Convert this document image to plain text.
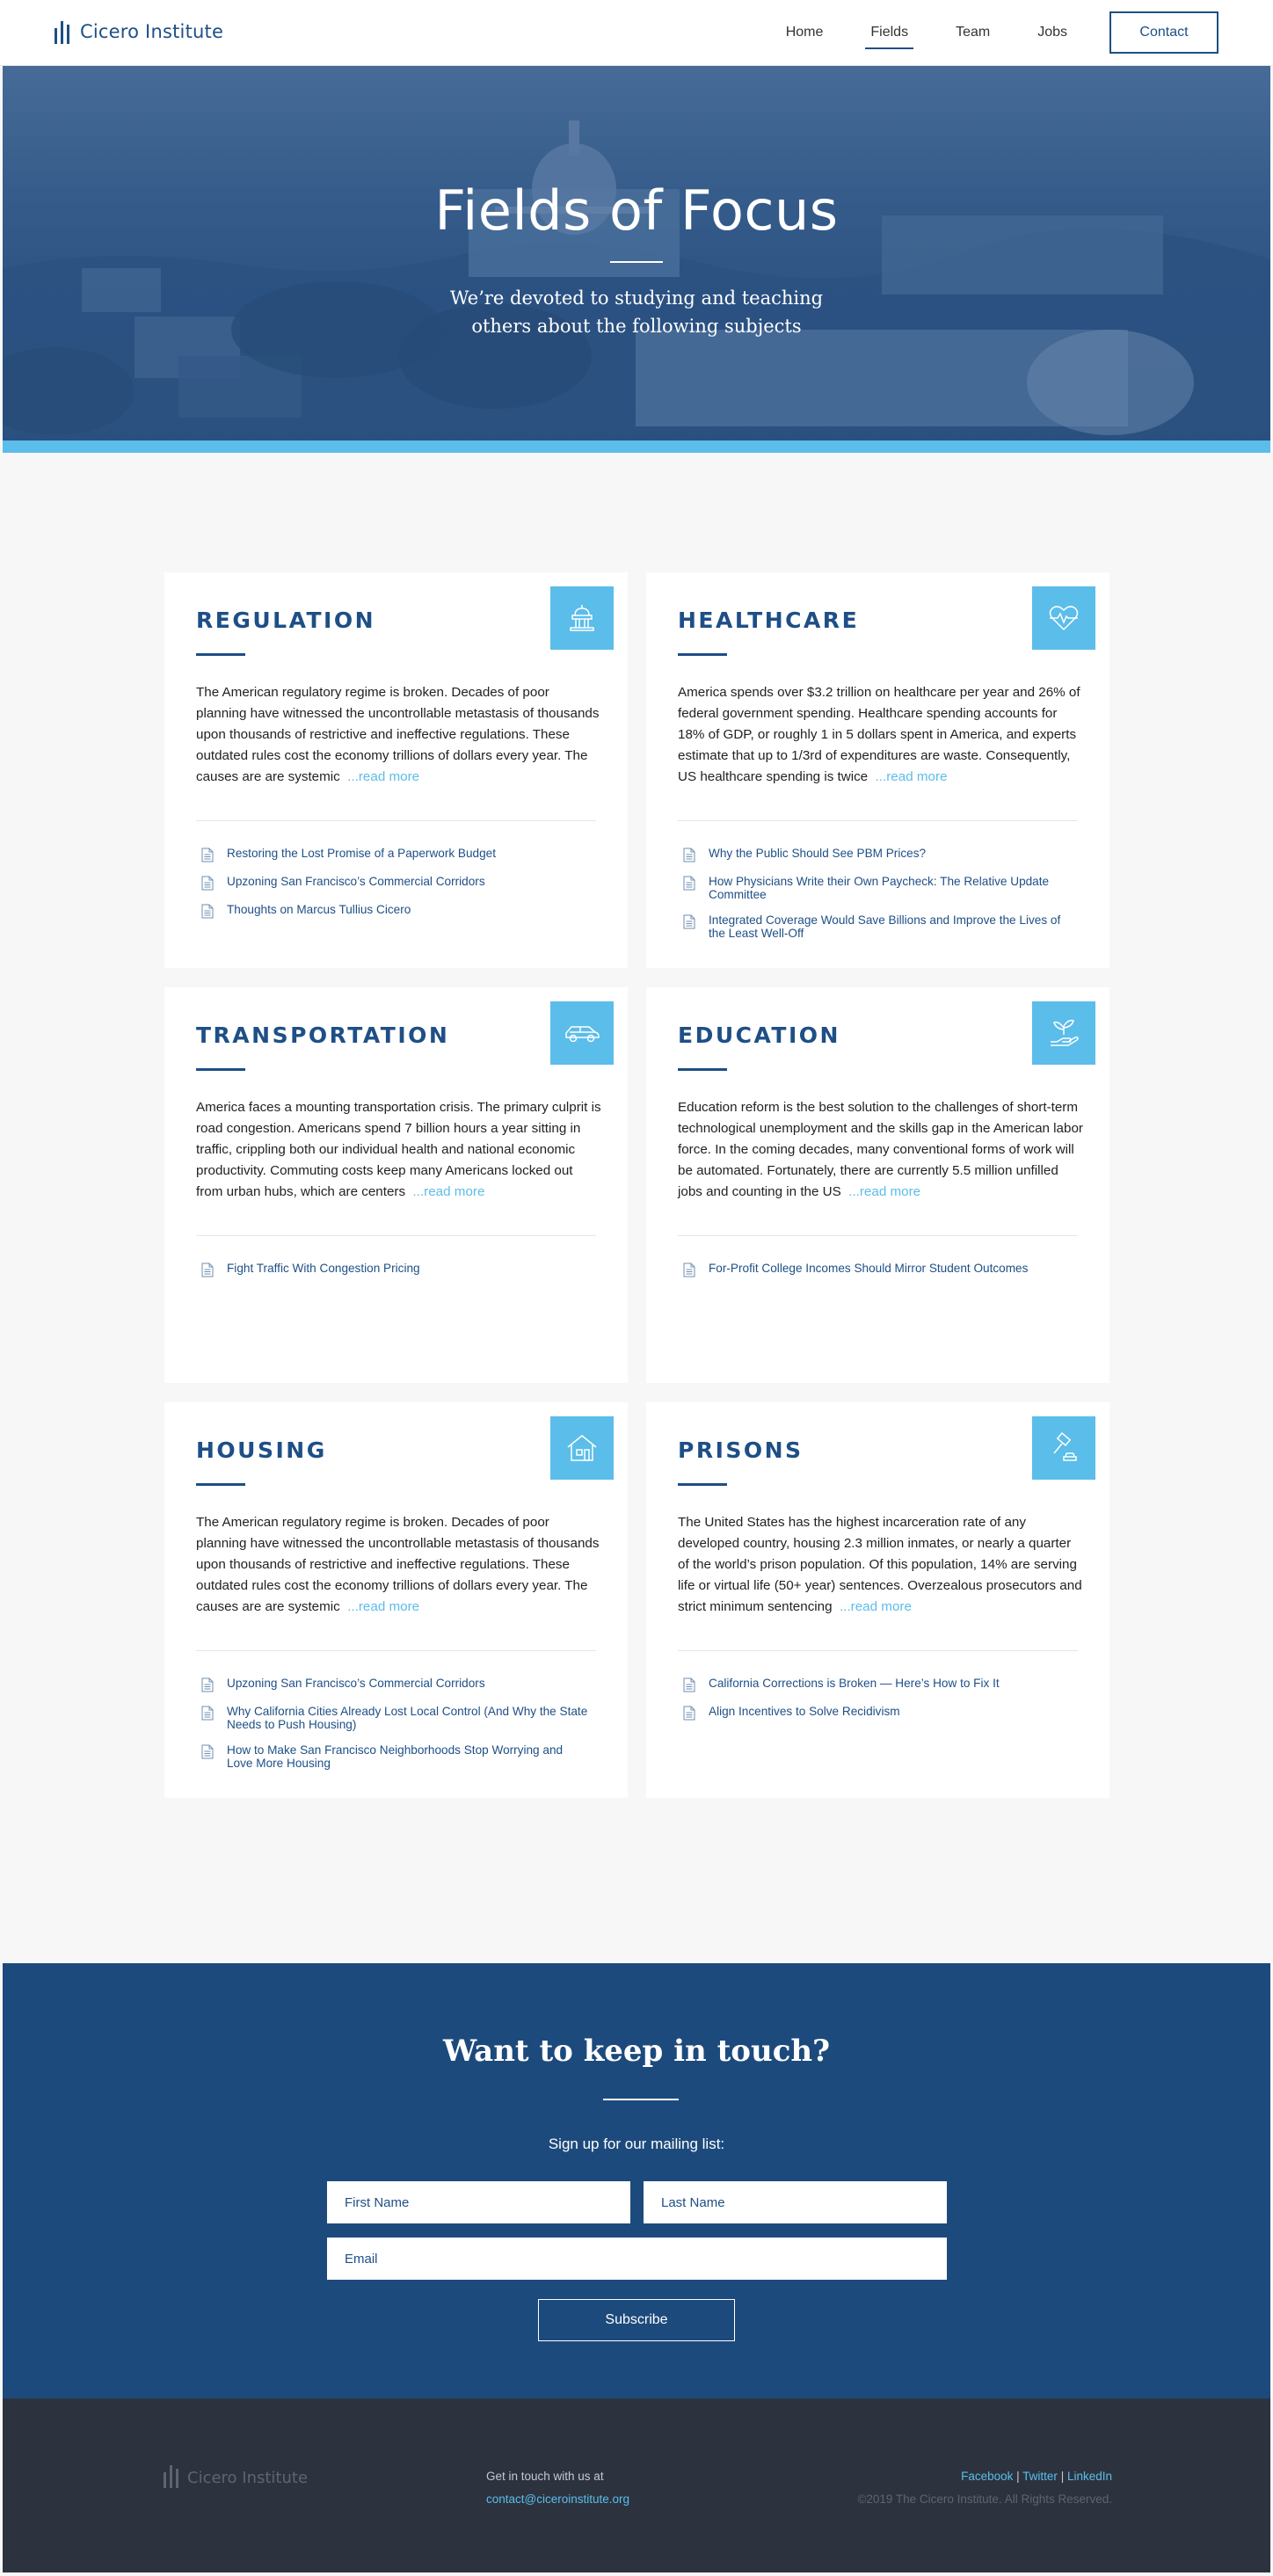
Cicero Institute	Home	Fields	Team	Jobs	Contact
Fields of Focus

We’re devoted to studying and teaching
others about the following subjects

REGULATION

The American regulatory regime is broken. Decades of poor planning have witnessed the uncontrollable metastasis of thousands upon thousands of restrictive and ineffective regulations. These outdated rules cost the economy trillions of dollars every year. The causes are are systemic ...read more

Restoring the Lost Promise of a Paperwork Budget
Upzoning San Francisco’s Commercial Corridors
Thoughts on Marcus Tullius Cicero
HEALTHCARE

America spends over $3.2 trillion on healthcare per year and 26% of federal government spending. Healthcare spending accounts for 18% of GDP, or roughly 1 in 5 dollars spent in America, and experts estimate that up to 1/3rd of expenditures are waste. Consequently, US healthcare spending is twice ...read more

Why the Public Should See PBM Prices?
How Physicians Write their Own Paycheck: The Relative Update Committee
Integrated Coverage Would Save Billions and Improve the Lives of the Least Well-Off
TRANSPORTATION

America faces a mounting transportation crisis. The primary culprit is road congestion. Americans spend 7 billion hours a year sitting in traffic, crippling both our individual health and national economic productivity. Commuting costs keep many Americans locked out from urban hubs, which are centers ...read more

Fight Traffic With Congestion Pricing
EDUCATION

Education reform is the best solution to the challenges of short-term technological unemployment and the skills gap in the American labor force. In the coming decades, many conventional forms of work will be automated. Fortunately, there are currently 5.5 million unfilled jobs and counting in the US ...read more

For-Profit College Incomes Should Mirror Student Outcomes
HOUSING

The American regulatory regime is broken. Decades of poor planning have witnessed the uncontrollable metastasis of thousands upon thousands of restrictive and ineffective regulations. These outdated rules cost the economy trillions of dollars every year. The causes are are systemic ...read more

Upzoning San Francisco’s Commercial Corridors
Why California Cities Already Lost Local Control (And Why the State Needs to Push Housing)
How to Make San Francisco Neighborhoods Stop Worrying and Love More Housing
PRISONS

The United States has the highest incarceration rate of any developed country, housing 2.3 million inmates, or nearly a quarter of the world’s prison population. Of this population, 14% are serving life or virtual life (50+ year) sentences. Overzealous prosecutors and strict minimum sentencing ...read more

California Corrections is Broken — Here’s How to Fix It
Align Incentives to Solve Recidivism
Want to keep in touch?

Sign up for our mailing list:

First Name
Last Name
Email
Subscribe
Cicero Institute	Get in touch with us at
contact@ciceroinstitute.org
Facebook | Twitter | LinkedIn
©2019 The Cicero Institute. All Rights Reserved.
